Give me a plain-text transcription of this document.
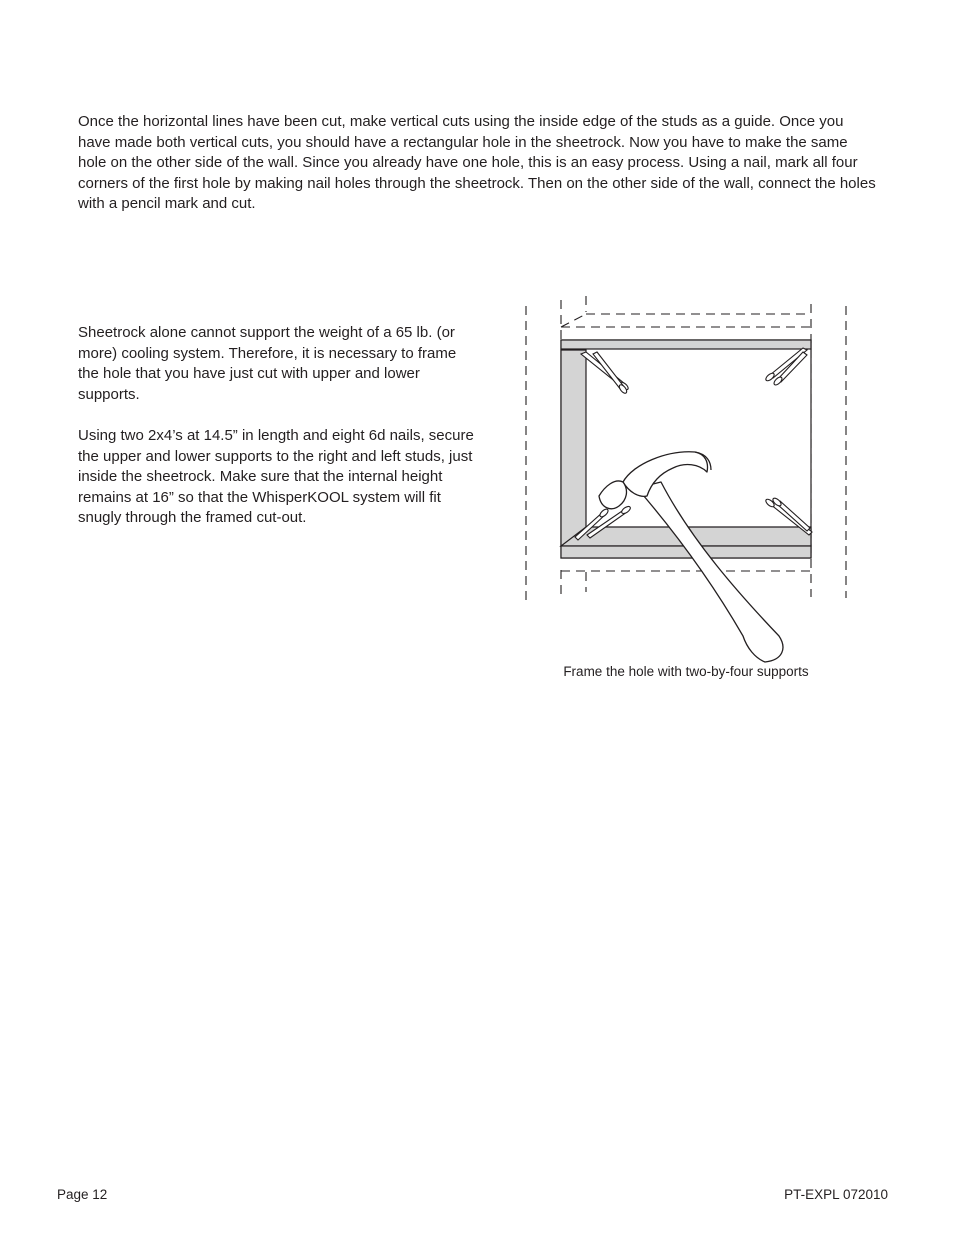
Once the horizontal lines have been cut, make vertical cuts using the inside edge of the studs as a guide. Once you have made both vertical cuts, you should have a rectangular hole in the sheetrock. Now you have to make the same hole on the other side of the wall. Since you already have one hole, this is an easy process. Using a nail, mark all four corners of the first hole by making nail holes through the sheetrock. Then on the other side of the wall, connect the holes with a pencil mark and cut.

Sheetrock alone cannot support the weight of a 65 lb. (or more) cooling system. Therefore, it is necessary to frame the hole that you have just cut with upper and lower supports.

Using two 2x4’s at 14.5” in length and eight 6d nails, secure the upper and lower supports to the right and left studs, just inside the sheetrock. Make sure that the internal height remains at 16” so that the WhisperKOOL system will fit snugly through the framed cut-out.

Frame the hole with two-by-four supports
Page 12	PT-EXPL 072010
